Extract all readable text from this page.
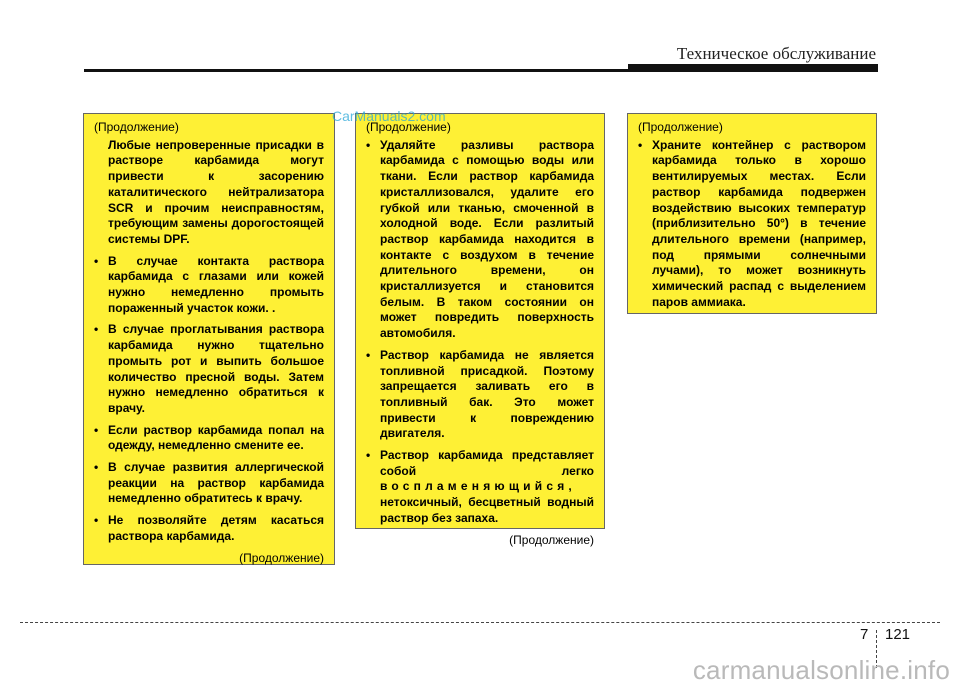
Техническое обслуживание
(Продолжение)
Любые непроверенные присадки в растворе карбамида могут привести к засорению каталитического нейтрализатора SCR и прочим неисправностям, требующим замены дорогостоящей системы DPF.
• В случае контакта раствора карбамида с глазами или кожей нужно немедленно промыть пораженный участок кожи. .
• В случае проглатывания раствора карбамида нужно тщательно промыть рот и выпить большое количество пресной воды. Затем нужно немедленно обратиться к врачу.
• Если раствор карбамида попал на одежду, немедленно смените ее.
• В случае развития аллергической реакции на раствор карбамида немедленно обратитесь к врачу.
• Не позволяйте детям касаться раствора карбамида.
(Продолжение)
(Продолжение)
• Удаляйте разливы раствора карбамида с помощью воды или ткани. Если раствор карбамида кристаллизовался, удалите его губкой или тканью, смоченной в холодной воде. Если разлитый раствор карбамида находится в контакте с воздухом в течение длительного времени, он кристаллизуется и становится белым. В таком состоянии он может повредить поверхность автомобиля.
• Раствор карбамида не является топливной присадкой. Поэтому запрещается заливать его в топливный бак. Это может привести к повреждению двигателя.
• Раствор карбамида представляет собой легко воспламеняющийся, нетоксичный, бесцветный водный раствор без запаха.
(Продолжение)
(Продолжение)
• Храните контейнер с раствором карбамида только в хорошо вентилируемых местах. Если раствор карбамида подвержен воздействию высоких температур (приблизительно 50°) в течение длительного времени (например, под прямыми солнечными лучами), то может возникнуть химический распад с выделением паров аммиака.
CarManuals2.com
7 121
carmanualsonline.info
